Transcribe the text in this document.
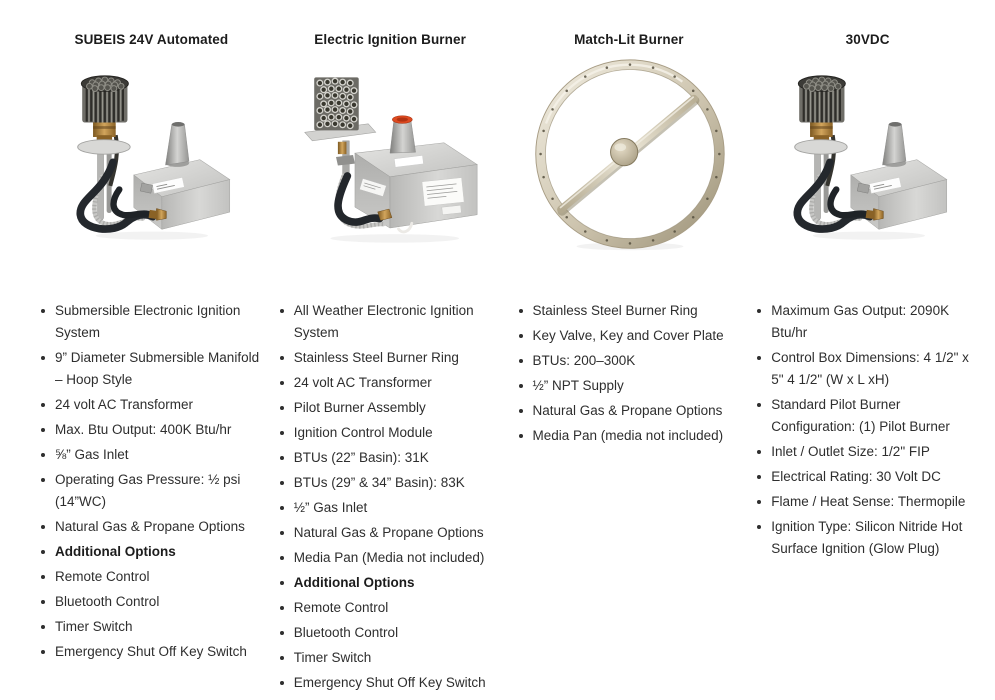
SUBEIS 24V Automated
Submersible Electronic Ignition System
9” Diameter Submersible Manifold – Hoop Style
24 volt AC Transformer
Max. Btu Output: 400K Btu/hr
⅝” Gas Inlet
Operating Gas Pressure: ½ psi (14”WC)
Natural Gas & Propane Options
Additional Options
Remote Control
Bluetooth Control
Timer Switch
Emergency Shut Off Key Switch
Electric Ignition Burner
All Weather Electronic Ignition System
Stainless Steel Burner Ring
24 volt AC Transformer
Pilot Burner Assembly
Ignition Control Module
BTUs (22” Basin): 31K
BTUs (29” & 34” Basin): 83K
½” Gas Inlet
Natural Gas & Propane Options
Media Pan (Media not included)
Additional Options
Remote Control
Bluetooth Control
Timer Switch
Emergency Shut Off Key Switch
Match-Lit Burner
Stainless Steel Burner Ring
Key Valve, Key and Cover Plate
BTUs: 200–300K
½” NPT Supply
Natural Gas & Propane Options
Media Pan (media not included)
30VDC
Maximum Gas Output: 2090K Btu/hr
Control Box Dimensions: 4 1/2" x 5" 4 1/2" (W x L xH)
Standard Pilot Burner Configuration: (1) Pilot Burner
Inlet / Outlet Size: 1/2" FIP
Electrical Rating: 30 Volt DC
Flame / Heat Sense: Thermopile
Ignition Type: Silicon Nitride Hot Surface Ignition (Glow Plug)
